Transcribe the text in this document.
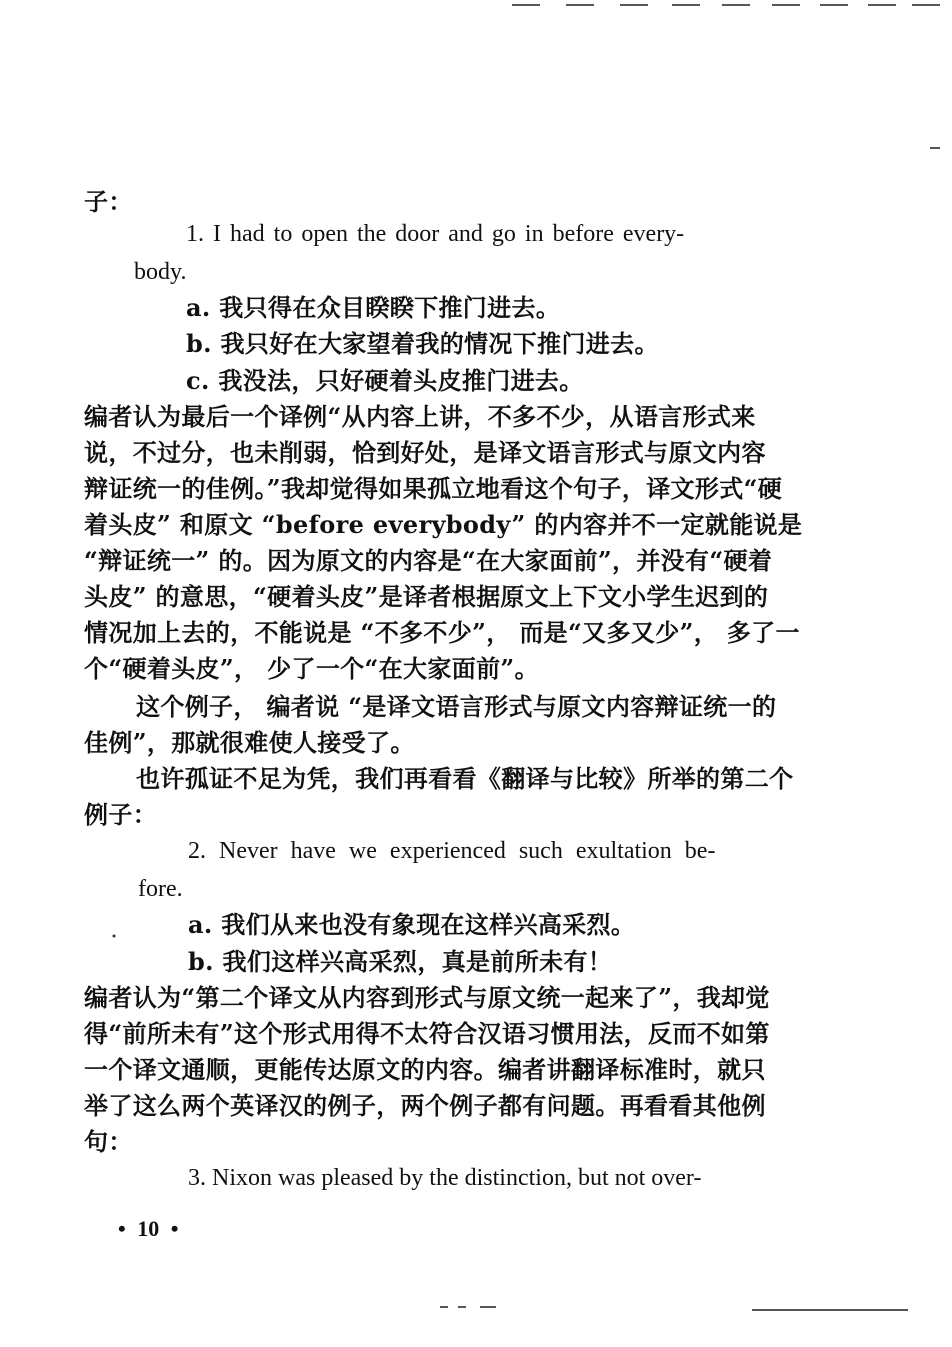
子：
1. I had to open the door and go in before every-
body.
a. 我只得在众目睽睽下推门进去。
b. 我只好在大家望着我的情况下推门进去。
c. 我没法，只好硬着头皮推门进去。
编者认为最后一个译例“从内容上讲，不多不少，从语言形式来
说，不过分，也未削弱，恰到好处，是译文语言形式与原文内容
辩证统一的佳例。”我却觉得如果孤立地看这个句子，译文形式“硬
着头皮” 和原文 “before everybody” 的内容并不一定就能说是
“辩证统一” 的。因为原文的内容是“在大家面前”，并没有“硬着
头皮” 的意思，“硬着头皮”是译者根据原文上下文小学生迟到的
情况加上去的，不能说是 “不多不少”， 而是“又多又少”， 多了一
个“硬着头皮”， 少了一个“在大家面前”。
这个例子， 编者说 “是译文语言形式与原文内容辩证统一的
佳例”，那就很难使人接受了。
也许孤证不足为凭，我们再看看《翻译与比较》所举的第二个
例子：
2. Never have we experienced such exultation be-
fore.
a. 我们从来也没有象现在这样兴高采烈。
b. 我们这样兴高采烈，真是前所未有！
编者认为“第二个译文从内容到形式与原文统一起来了”，我却觉
得“前所未有”这个形式用得不太符合汉语习惯用法，反而不如第
一个译文通顺，更能传达原文的内容。编者讲翻译标准时，就只
举了这么两个英译汉的例子，两个例子都有问题。再看看其他例
句：
3. Nixon was pleased by the distinction, but not over-
• 10 •
